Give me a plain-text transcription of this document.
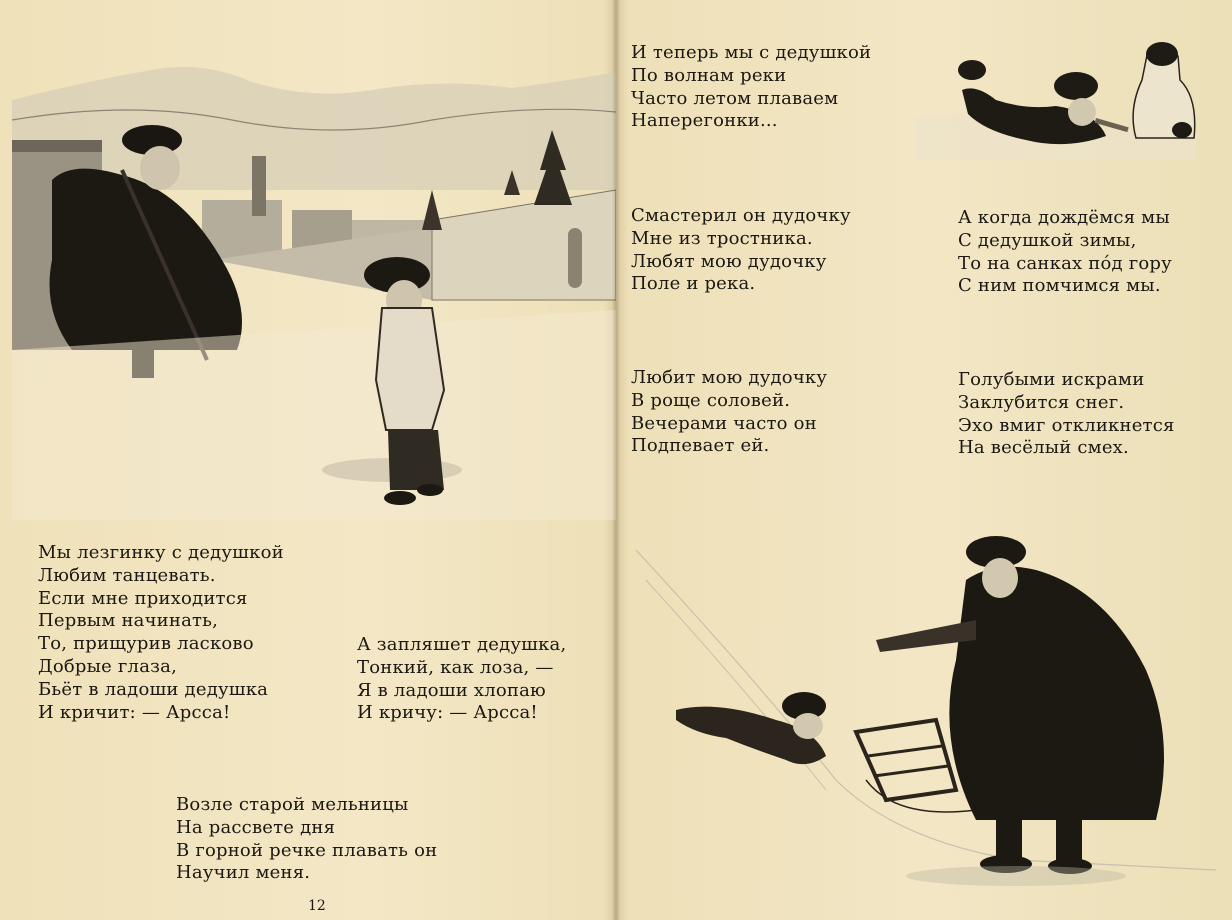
Мы лезгинку с дедушкой
Любим танцевать.
Если мне приходится
Первым начинать,
То, прищурив ласково
Добрые глаза,
Бьёт в ладоши дедушка
И кричит: — Арсса!
А запляшет дедушка,
Тонкий, как лоза, —
Я в ладоши хлопаю
И кричу: — Арсса!
Возле старой мельницы
На рассвете дня
В горной речке плавать он
Научил меня.
12
И теперь мы с дедушкой
По волнам реки
Часто летом плаваем
Наперегонки...
Смастерил он дудочку
Мне из тростника.
Любят мою дудочку
Поле и река.
А когда дождёмся мы
С дедушкой зимы,
То на санках по́д гору
С ним помчимся мы.
Любит мою дудочку
В роще соловей.
Вечерами часто он
Подпевает ей.
Голубыми искрами
Заклубится снег.
Эхо вмиг откликнется
На весёлый смех.
